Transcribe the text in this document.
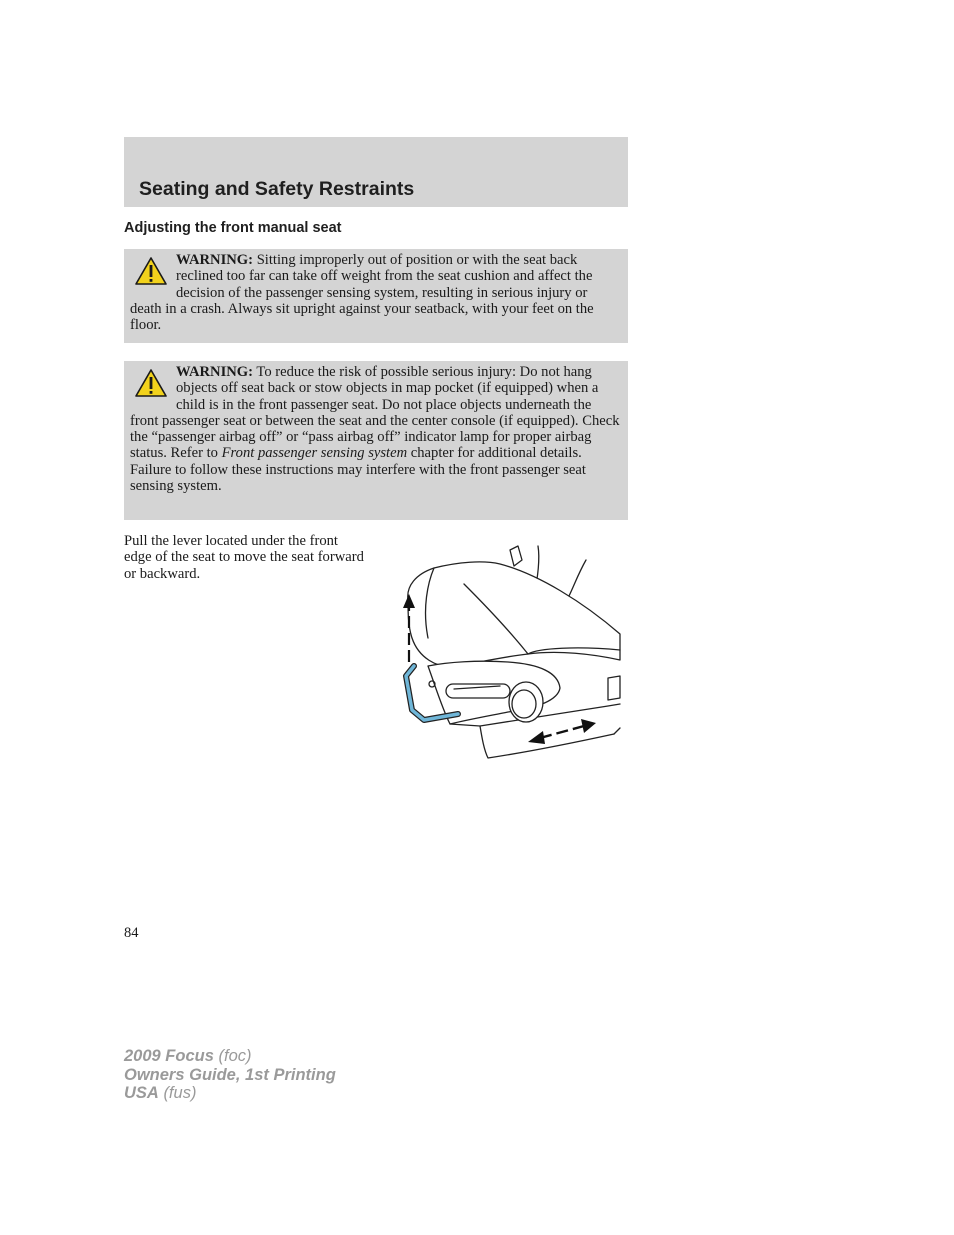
Seating and Safety Restraints
Adjusting the front manual seat
WARNING: Sitting improperly out of position or with the seat back reclined too far can take off weight from the seat cushion and affect the decision of the passenger sensing system, resulting in serious injury or death in a crash. Always sit upright against your seatback, with your feet on the floor.
WARNING: To reduce the risk of possible serious injury: Do not hang objects off seat back or stow objects in map pocket (if equipped) when a child is in the front passenger seat. Do not place objects underneath the front passenger seat or between the seat and the center console (if equipped). Check the “passenger airbag off” or “pass airbag off” indicator lamp for proper airbag status. Refer to Front passenger sensing system chapter for additional details. Failure to follow these instructions may interfere with the front passenger seat sensing system.

Pull the lever located under the front edge of the seat to move the seat forward or backward.

84
2009 Focus (foc)
Owners Guide, 1st Printing
USA (fus)
